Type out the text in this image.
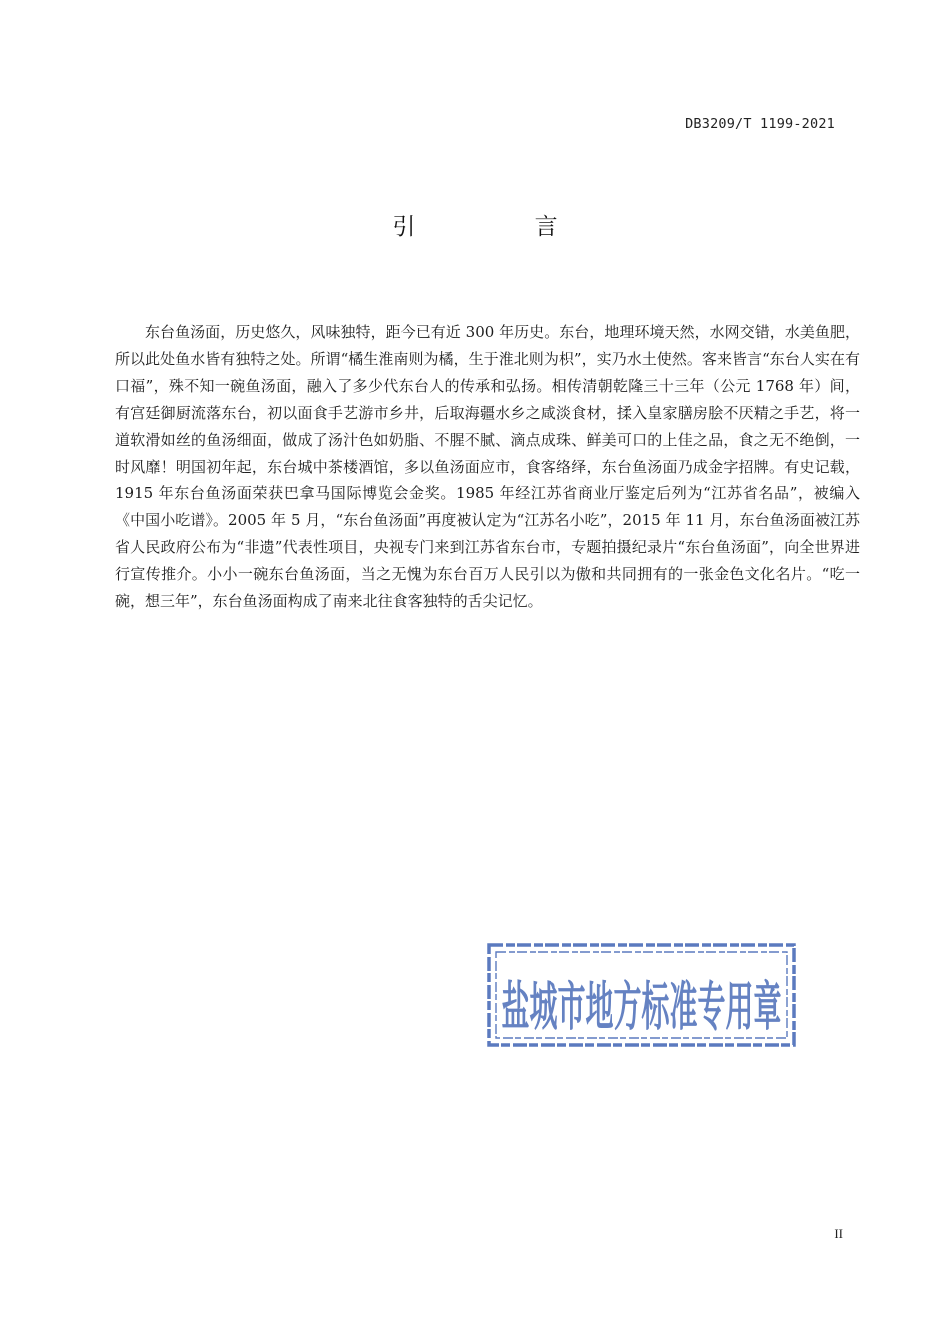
DB3209/T 1199-2021
引 言

东台鱼汤面，历史悠久，风味独特，距今已有近 300 年历史。东台，地理环境天然，水网交错，水美鱼肥，所以此处鱼水皆有独特之处。所谓“橘生淮南则为橘，生于淮北则为枳”，实乃水土使然。客来皆言“东台人实在有口福”，殊不知一碗鱼汤面，融入了多少代东台人的传承和弘扬。相传清朝乾隆三十三年（公元 1768 年）间，有宫廷御厨流落东台，初以面食手艺游市乡井，后取海疆水乡之咸淡食材，揉入皇家膳房脍不厌精之手艺，将一道软滑如丝的鱼汤细面，做成了汤汁色如奶脂、不腥不腻、滴点成珠、鲜美可口的上佳之品，食之无不绝倒，一时风靡！明国初年起，东台城中茶楼酒馆，多以鱼汤面应市，食客络绎，东台鱼汤面乃成金字招牌。有史记载，1915 年东台鱼汤面荣获巴拿马国际博览会金奖。1985 年经江苏省商业厅鉴定后列为“江苏省名品”，被编入《中国小吃谱》。2005 年 5 月，“东台鱼汤面”再度被认定为“江苏名小吃”，2015 年 11 月，东台鱼汤面被江苏省人民政府公布为“非遗”代表性项目，央视专门来到江苏省东台市，专题拍摄纪录片“东台鱼汤面”，向全世界进行宣传推介。小小一碗东台鱼汤面，当之无愧为东台百万人民引以为傲和共同拥有的一张金色文化名片。“吃一碗，想三年”，东台鱼汤面构成了南来北往食客独特的舌尖记忆。

盐城市地方标准专用章
II
